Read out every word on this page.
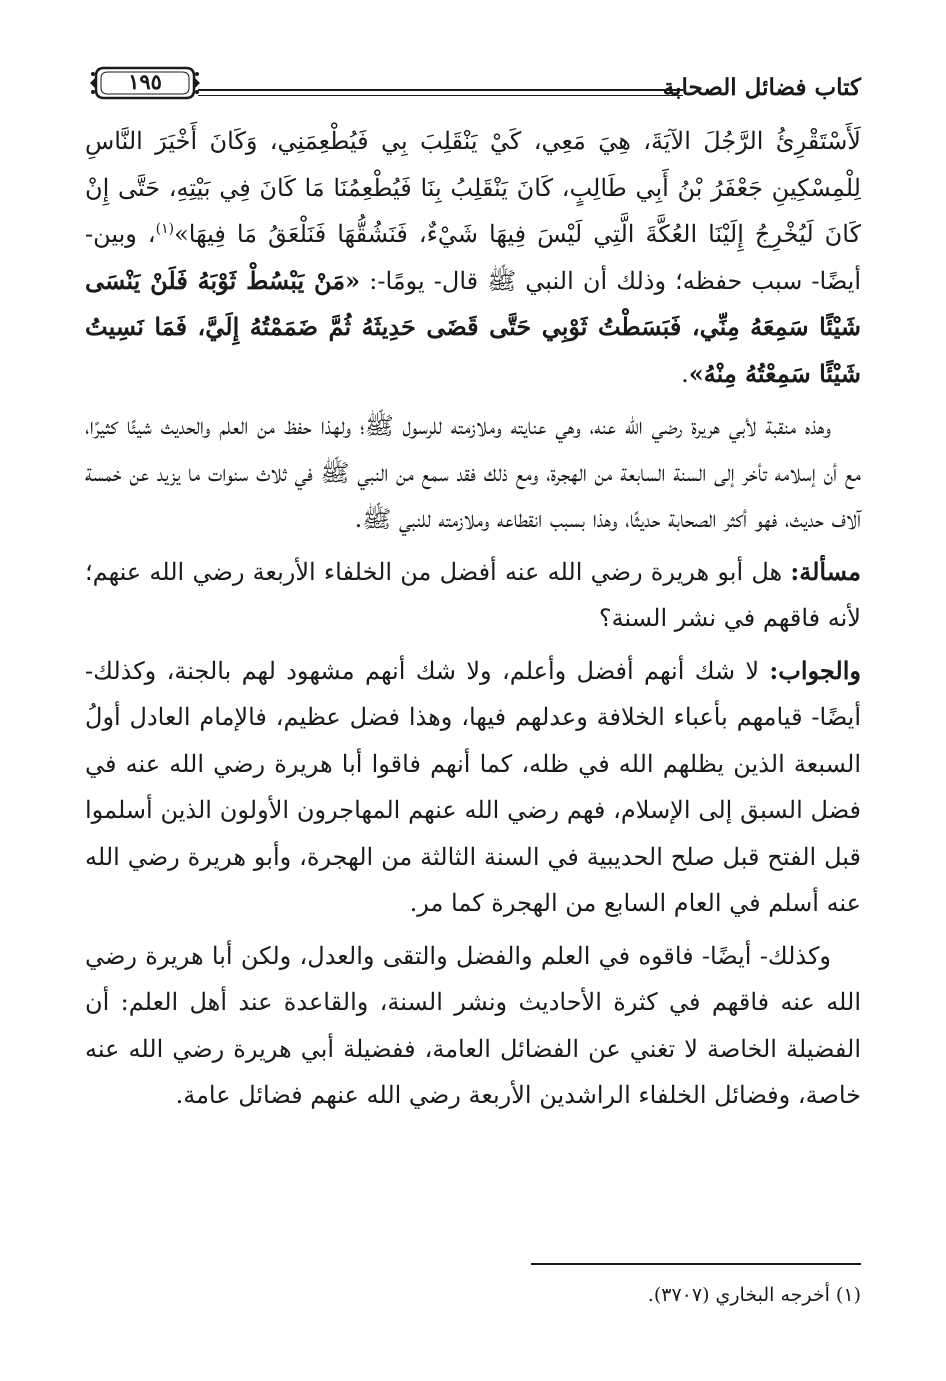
كتاب فضائل الصحابة
١٩٥

لَأَسْتَقْرِئُ الرَّجُلَ الآيَةَ، هِيَ مَعِي، كَيْ يَنْقَلِبَ بِي فَيُطْعِمَنِي، وَكَانَ أَخْيَرَ النَّاسِ لِلْمِسْكِينِ جَعْفَرُ بْنُ أَبِي طَالِبٍ، كَانَ يَنْقَلِبُ بِنَا فَيُطْعِمُنَا مَا كَانَ فِي بَيْتِهِ، حَتَّى إِنْ كَانَ لَيُخْرِجُ إِلَيْنَا العُكَّةَ الَّتِي لَيْسَ فِيهَا شَيْءٌ، فَنَشُقُّهَا فَنَلْعَقُ مَا فِيهَا»$^{(١)}$، وبين- أيضًا- سبب حفظه؛ وذلك أن النبي ﷺ قال- يومًا-: «مَنْ يَبْسُطْ ثَوْبَهُ فَلَنْ يَنْسَى شَيْئًا سَمِعَهُ مِنِّي، فَبَسَطْتُ ثَوْبِي حَتَّى قَضَى حَدِيثَهُ ثُمَّ ضَمَمْتُهُ إِلَيَّ، فَمَا نَسِيتُ شَيْئًا سَمِعْتُهُ مِنْهُ».

وهذه منقبة لأبي هريرة رضي الله عنه، وهي عنايته وملازمته للرسول ﷺ؛ ولهذا حفظ من العلم والحديث شيئًا كثيرًا، مع أن إسلامه تأخر إلى السنة السابعة من الهجرة، ومع ذلك فقد سمع من النبي ﷺ في ثلاث سنوات ما يزيد عن خمسة آلاف حديث، فهو أكثر الصحابة حديثًا، وهذا بسبب انقطاعه وملازمته للنبي ﷺ.

مسألة: هل أبو هريرة رضي الله عنه أفضل من الخلفاء الأربعة رضي الله عنهم؛ لأنه فاقهم في نشر السنة؟

والجواب: لا شك أنهم أفضل وأعلم، ولا شك أنهم مشهود لهم بالجنة، وكذلك- أيضًا- قيامهم بأعباء الخلافة وعدلهم فيها، وهذا فضل عظيم، فالإمام العادل أولُ السبعة الذين يظلهم الله في ظله، كما أنهم فاقوا أبا هريرة رضي الله عنه في فضل السبق إلى الإسلام، فهم رضي الله عنهم المهاجرون الأولون الذين أسلموا قبل الفتح قبل صلح الحديبية في السنة الثالثة من الهجرة، وأبو هريرة رضي الله عنه أسلم في العام السابع من الهجرة كما مر.

وكذلك- أيضًا- فاقوه في العلم والفضل والتقى والعدل، ولكن أبا هريرة رضي الله عنه فاقهم في كثرة الأحاديث ونشر السنة، والقاعدة عند أهل العلم: أن الفضيلة الخاصة لا تغني عن الفضائل العامة، ففضيلة أبي هريرة رضي الله عنه خاصة، وفضائل الخلفاء الراشدين الأربعة رضي الله عنهم فضائل عامة.

(١) أخرجه البخاري (٣٧٠٧).
